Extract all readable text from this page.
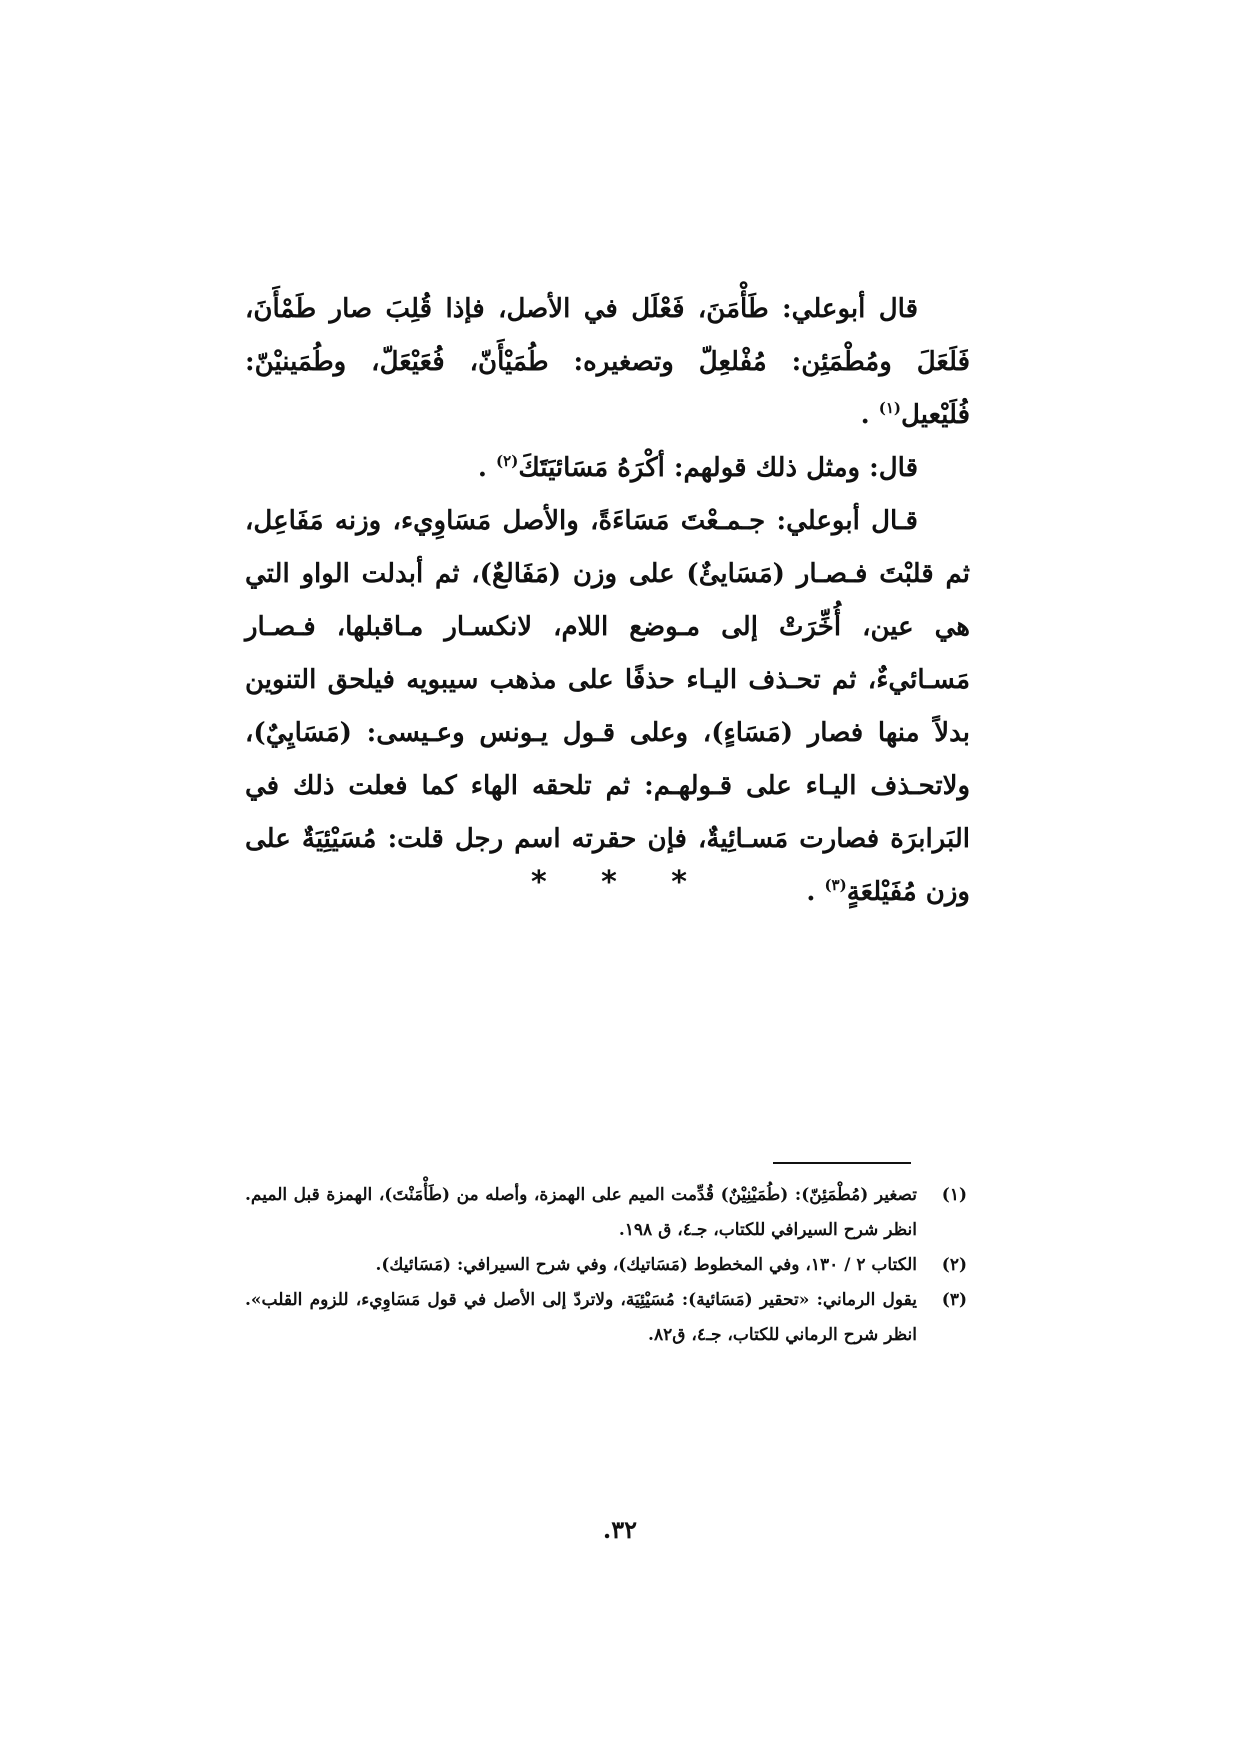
قال أبوعلي: طَأْمَنَ، فَعْلَل في الأصل، فإذا قُلِبَ صار طَمْأَنَ، فَلَعَلَ ومُطْمَئِن: مُفْلعِلّ وتصغيره: طُمَيْأَنّ، فُعَيْعَلّ، وطُمَينيْنّ: فُلَيْعيل$^{(١)}$ .

قال: ومثل ذلك قولهم: أكْرَهُ مَسَائيَتَكَ$^{(٢)}$ .

قـال أبوعلي: جـمـعْتَ مَسَاءَةً، والأصل مَسَاوِيء، وزنه مَفَاعِل، ثم قلبْتَ فـصـار (مَسَايئٌ) على وزن (مَفَالعٌ)، ثم أبدلت الواو التي هي عين، أُخِّرَتْ إلى مـوضع اللام، لانكسـار مـاقبلها، فـصـار مَسـائيءٌ، ثم تحـذف اليـاء حذفًا على مذهب سيبويه فيلحق التنوين بدلاً منها فصار (مَسَاءٍ)، وعلى قـول يـونس وعـيسى: (مَسَايِيٌ)، ولاتحـذف اليـاء على قـولهـم: ثم تلحقه الهاء كما فعلت ذلك في البَرابرَة فصارت مَسـائِيةٌ، فإن حقرته اسم رجل قلت: مُسَيْئِيَةٌ على وزن مُفَيْلعَةٍ$^{(٣)}$ .

* * *
(١)
تصغير (مُطْمَئِنّ): (طُمَيْنِيْنٌ) قُدِّمت الميم على الهمزة، وأصله من (طَأْمَنْتَ)، الهمزة قبل الميم. انظر شرح السيرافي للكتاب، جـ٤، ق ١٩٨.
(٢)
الكتاب ٢ / ١٣٠، وفي المخطوط (مَسَاتيك)، وفي شرح السيرافي: (مَسَائيك).
(٣)
يقول الرماني: «تحقير (مَسَائية): مُسَيْئِيَة، ولاتردّ إلى الأصل في قول مَسَاوِيء، للزوم القلب». انظر شرح الرماني للكتاب، جـ٤، ق٨٢.
٣٢.
